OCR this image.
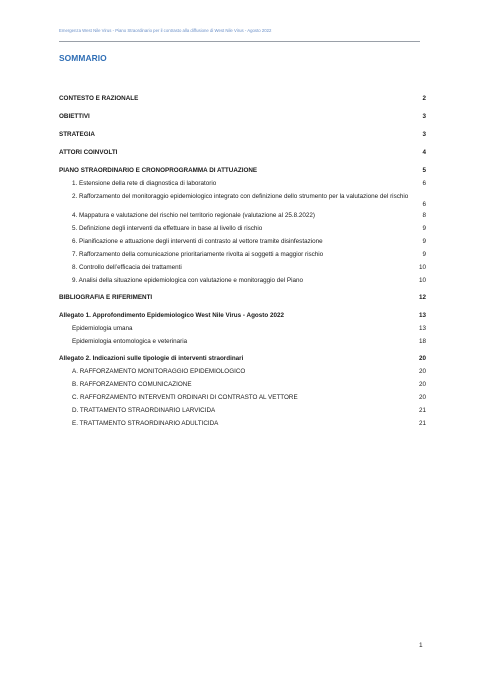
Emergenza West Nile Virus - Piano Straordinario per il contrasto alla diffusione di West Nile Virus - Agosto 2022
SOMMARIO
CONTESTO E RAZIONALE	2
OBIETTIVI	3
STRATEGIA	3
ATTORI COINVOLTI	4
PIANO STRAORDINARIO E CRONOPROGRAMMA DI ATTUAZIONE	5
1. Estensione della rete di diagnostica di laboratorio	6
2. Rafforzamento del monitoraggio epidemiologico integrato con definizione dello strumento per la valutazione del rischio
6
4. Mappatura e valutazione del rischio nel territorio regionale (valutazione al 25.8.2022)	8
5. Definizione degli interventi da effettuare in base al livello di rischio	9
6. Pianificazione e attuazione degli interventi di contrasto al vettore tramite disinfestazione	9
7. Rafforzamento della comunicazione prioritariamente rivolta ai soggetti a maggior rischio	9
8. Controllo dell’efficacia dei trattamenti	10
9. Analisi della situazione epidemiologica con valutazione e monitoraggio del Piano	10
BIBLIOGRAFIA E RIFERIMENTI	12
Allegato 1. Approfondimento Epidemiologico West Nile Virus - Agosto 2022	13
Epidemiologia umana	13
Epidemiologia entomologica e veterinaria	18
Allegato 2. Indicazioni sulle tipologie di interventi straordinari	20
A. RAFFORZAMENTO MONITORAGGIO EPIDEMIOLOGICO	20
B. RAFFORZAMENTO COMUNICAZIONE	20
C. RAFFORZAMENTO INTERVENTI ORDINARI DI CONTRASTO AL VETTORE	20
D. TRATTAMENTO STRAORDINARIO LARVICIDA	21
E. TRATTAMENTO STRAORDINARIO ADULTICIDA	21
1
